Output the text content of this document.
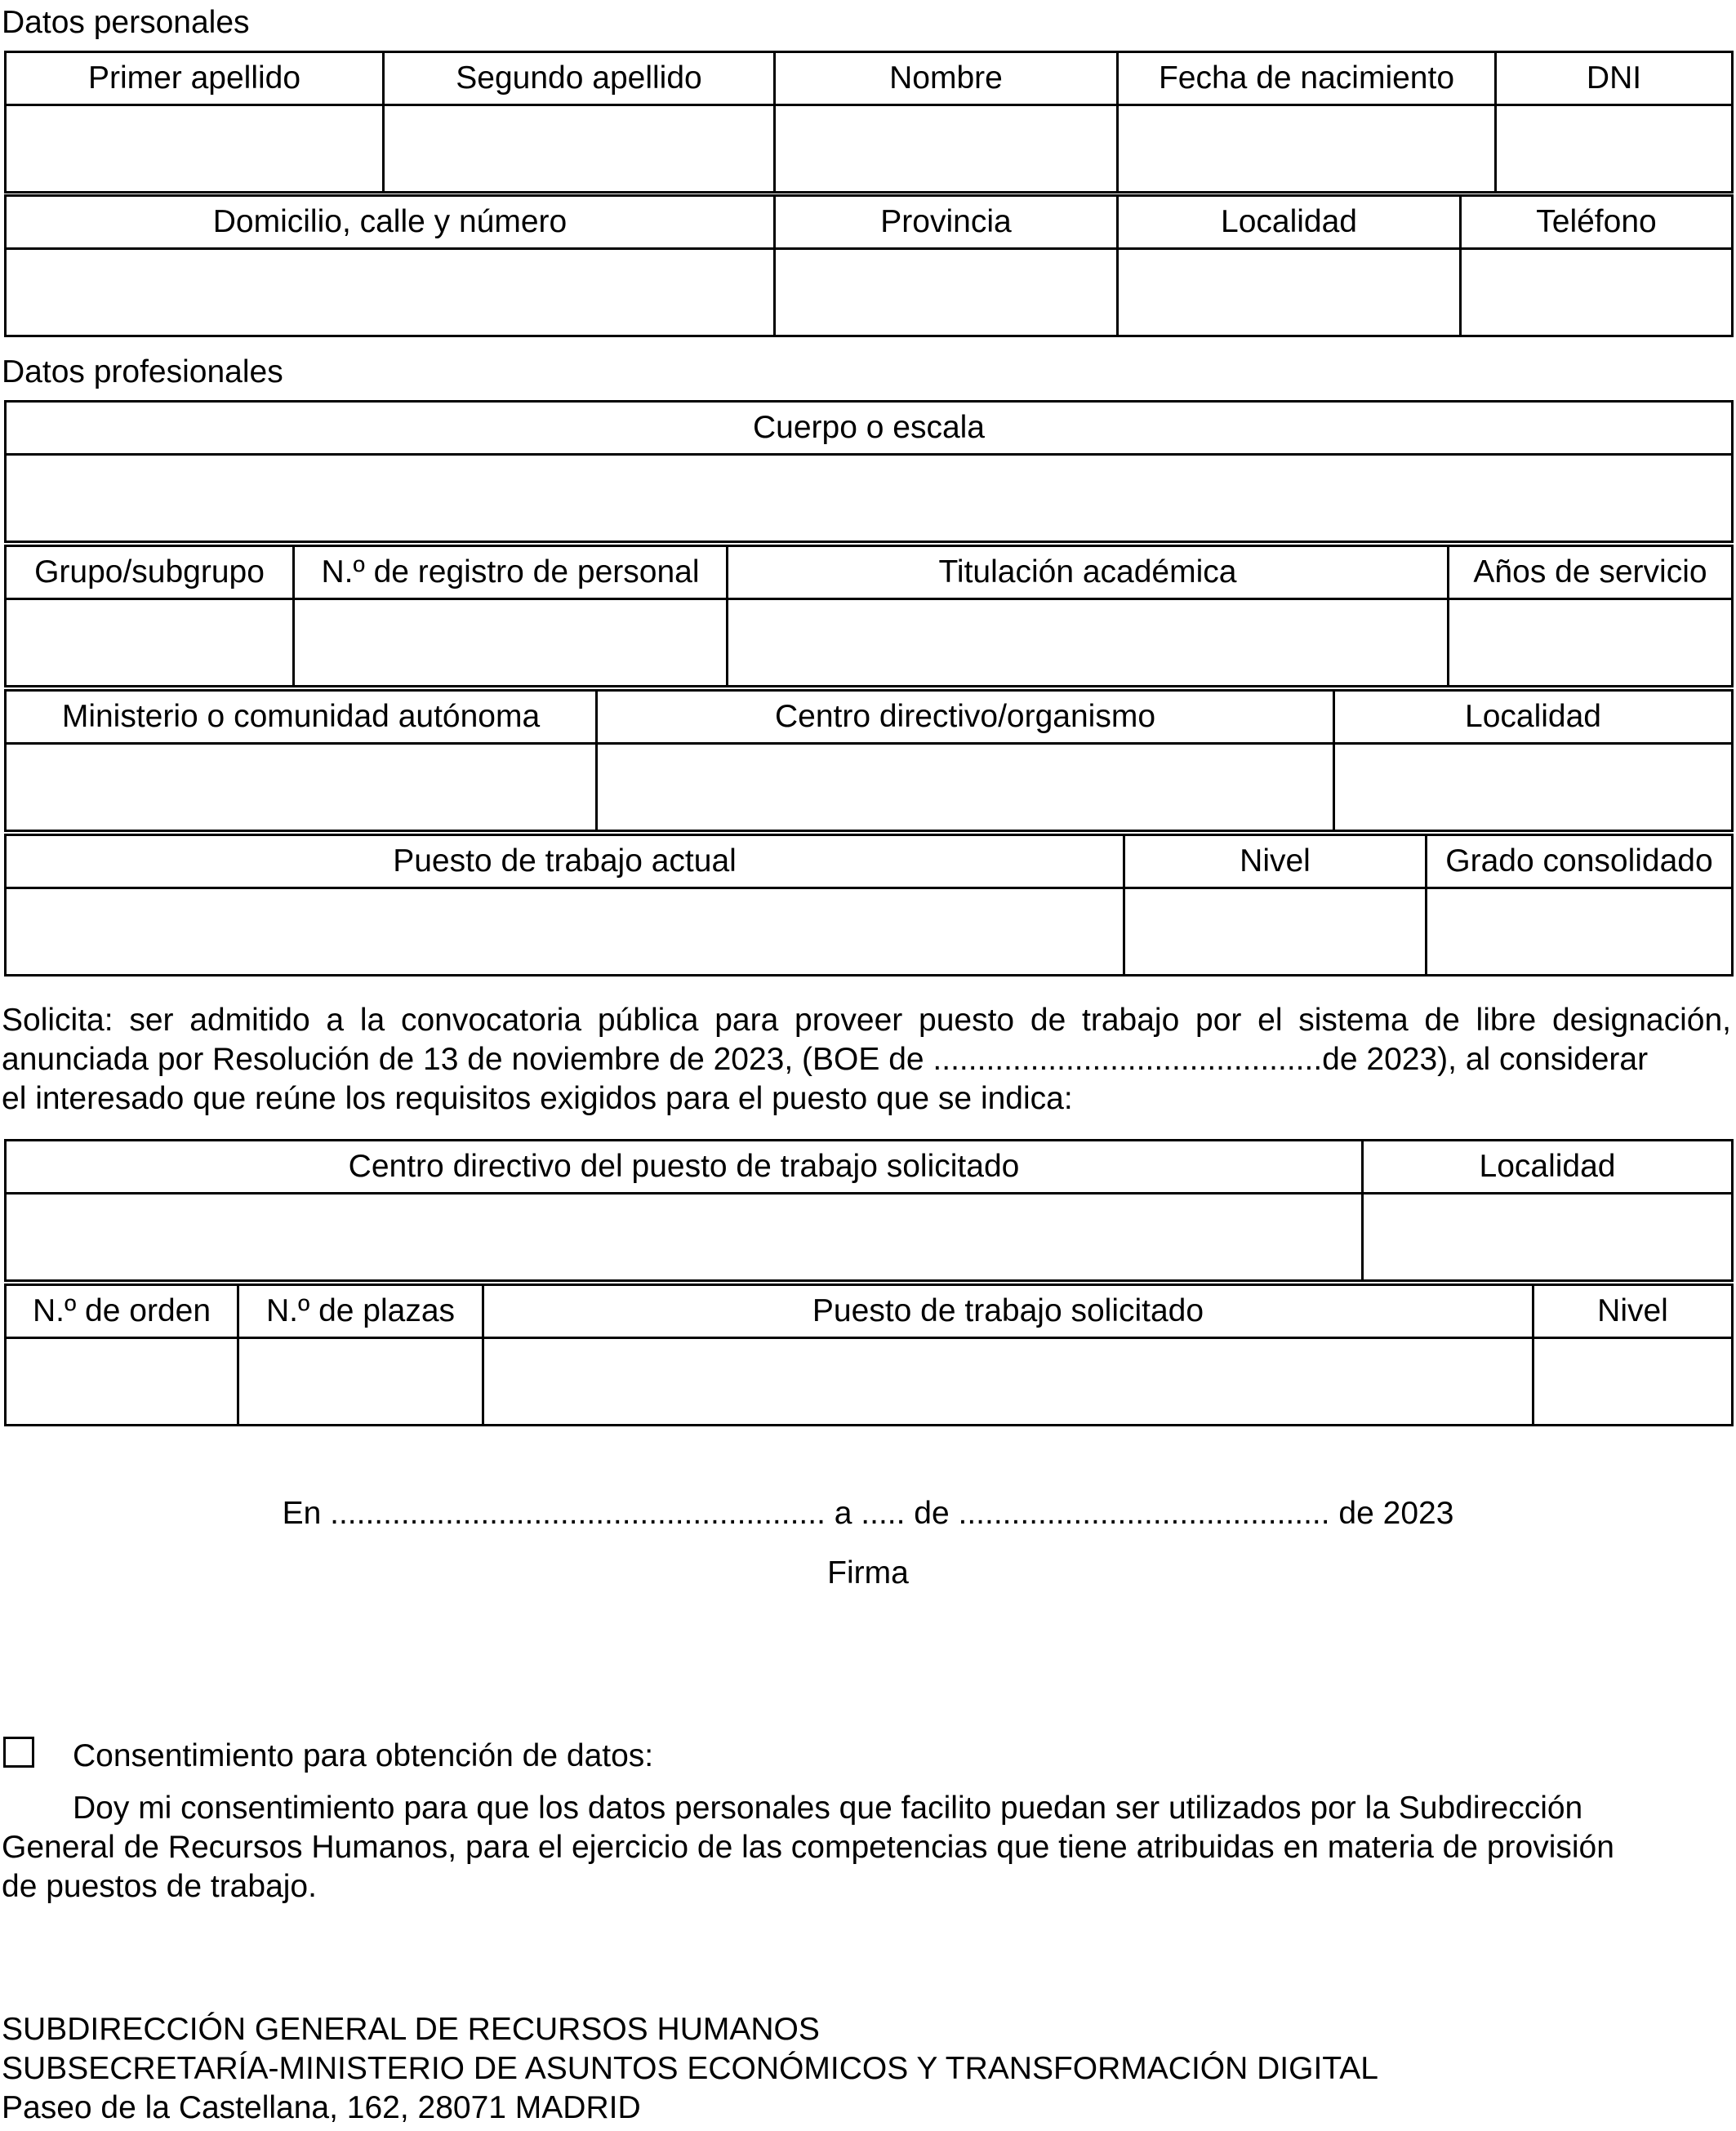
Datos personales
Primer apellido	Segundo apellido	Nombre	Fecha de nacimiento	DNI

Domicilio, calle y número	Provincia	Localidad	Teléfono

Datos profesionales
Cuerpo o escala

Grupo/subgrupo	N.º de registro de personal	Titulación académica	Años de servicio

Ministerio o comunidad autónoma	Centro directivo/organismo	Localidad

Puesto de trabajo actual	Nivel	Grado consolidado

Solicita: ser admitido a la convocatoria pública para proveer puesto de trabajo por el sistema de libre designación, anunciada por Resolución de 13 de noviembre de 2023, (BOE de ............................................de 2023), al considerar
el interesado que reúne los requisitos exigidos para el puesto que se indica:
Centro directivo del puesto de trabajo solicitado	Localidad

N.º de orden	N.º de plazas	Puesto de trabajo solicitado	Nivel

En ........................................................ a ..... de .......................................... de 2023
Firma
Consentimiento para obtención de datos:
Doy mi consentimiento para que los datos personales que facilito puedan ser utilizados por la Subdirección
General de Recursos Humanos, para el ejercicio de las competencias que tiene atribuidas en materia de provisión
de puestos de trabajo.
SUBDIRECCIÓN GENERAL DE RECURSOS HUMANOS
SUBSECRETARÍA-MINISTERIO DE ASUNTOS ECONÓMICOS Y TRANSFORMACIÓN DIGITAL
Paseo de la Castellana, 162, 28071 MADRID
